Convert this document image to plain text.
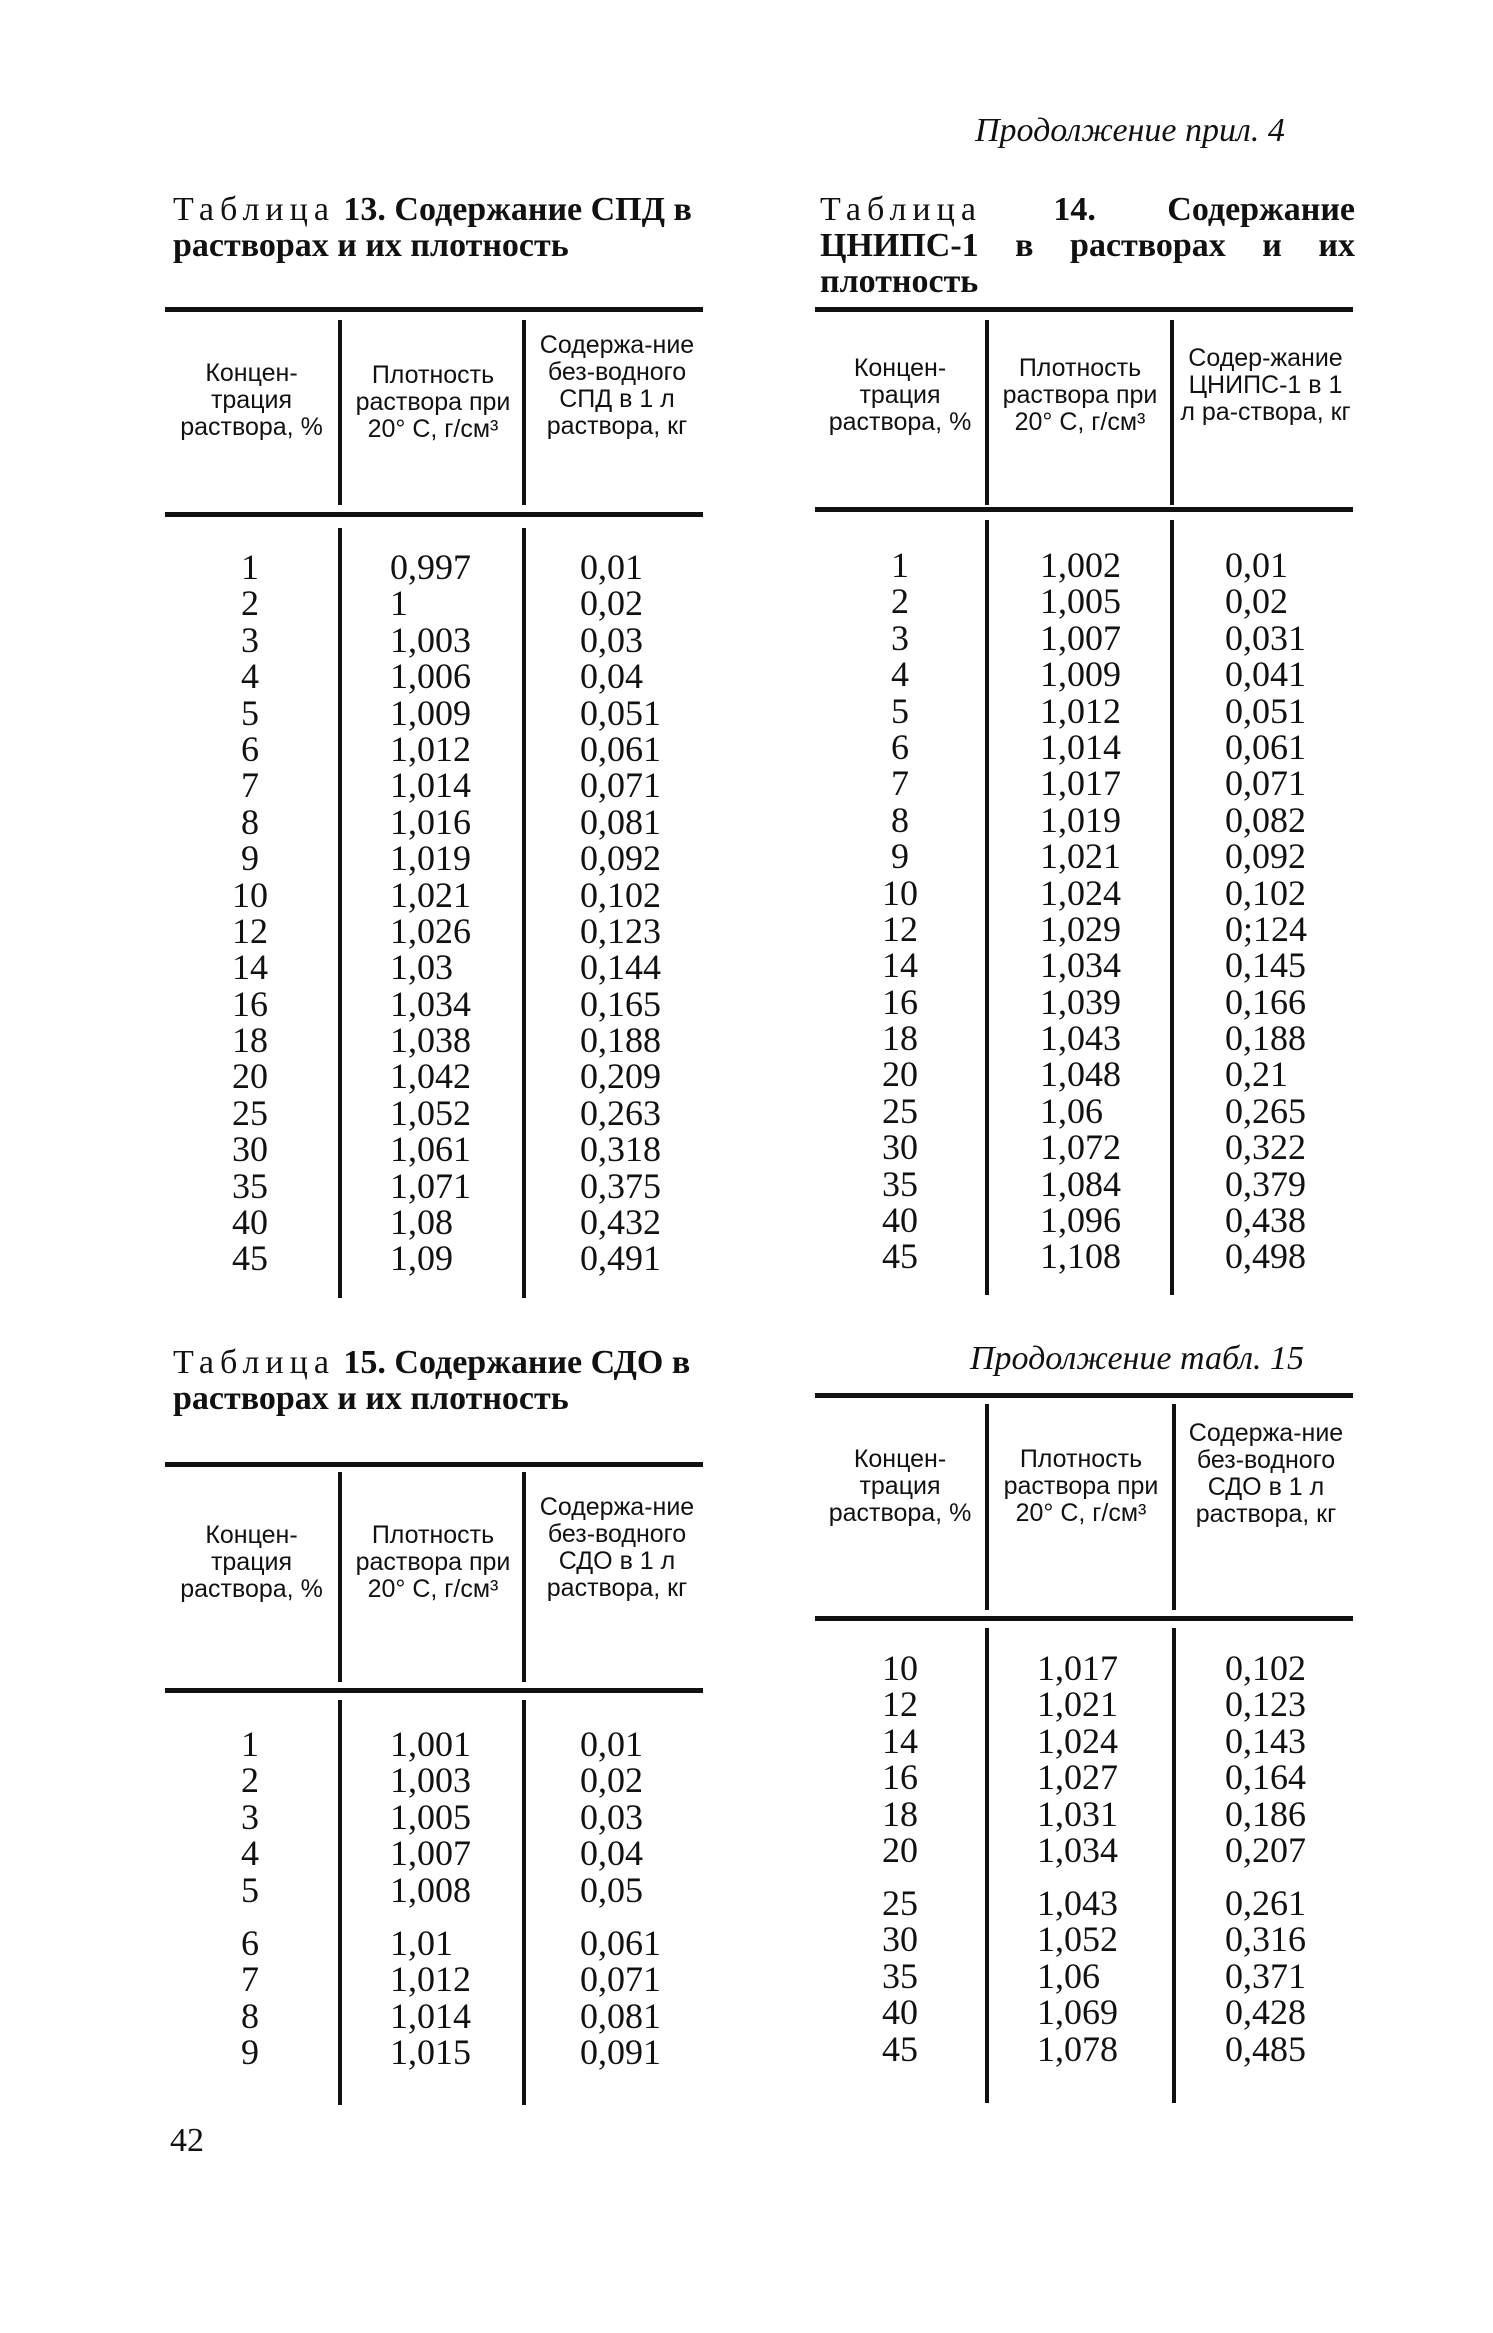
Продолжение прил. 4
Таблица 13. Содержание СПД в растворах и их плотность
Концен-трация раствора, %
Плотность раствора при 20° С, г/см³
Содержа-ние без-водного СПД в 1 л раствора, кг
1
2
3
4
5
6
7
8
9
10
12
14
16
18
20
25
30
35
40
45
0,997
1
1,003
1,006
1,009
1,012
1,014
1,016
1,019
1,021
1,026
1,03
1,034
1,038
1,042
1,052
1,061
1,071
1,08
1,09
0,01
0,02
0,03
0,04
0,051
0,061
0,071
0,081
0,092
0,102
0,123
0,144
0,165
0,188
0,209
0,263
0,318
0,375
0,432
0,491
Таблица 14. Содержание ЦНИПС-1 в растворах и их плотность
Концен-трация раствора, %
Плотность раствора при 20° С, г/см³
Содер-жание ЦНИПС-1 в 1 л ра-створа, кг
1
2
3
4
5
6
7
8
9
10
12
14
16
18
20
25
30
35
40
45
1,002
1,005
1,007
1,009
1,012
1,014
1,017
1,019
1,021
1,024
1,029
1,034
1,039
1,043
1,048
1,06
1,072
1,084
1,096
1,108
0,01
0,02
0,031
0,041
0,051
0,061
0,071
0,082
0,092
0,102
0;124
0,145
0,166
0,188
0,21
0,265
0,322
0,379
0,438
0,498
Таблица 15. Содержание СДО в растворах и их плотность
Концен-трация раствора, %
Плотность раствора при 20° С, г/см³
Содержа-ние без-водного СДО в 1 л раствора, кг
1
2
3
4
5
1,001
1,003
1,005
1,007
1,008
0,01
0,02
0,03
0,04
0,05
6
7
8
9
1,01
1,012
1,014
1,015
0,061
0,071
0,081
0,091
Продолжение табл. 15
Концен-трация раствора, %
Плотность раствора при 20° С, г/см³
Содержа-ние без-водного СДО в 1 л раствора, кг
10
12
14
16
18
20
1,017
1,021
1,024
1,027
1,031
1,034
0,102
0,123
0,143
0,164
0,186
0,207
25
30
35
40
45
1,043
1,052
1,06
1,069
1,078
0,261
0,316
0,371
0,428
0,485
42
